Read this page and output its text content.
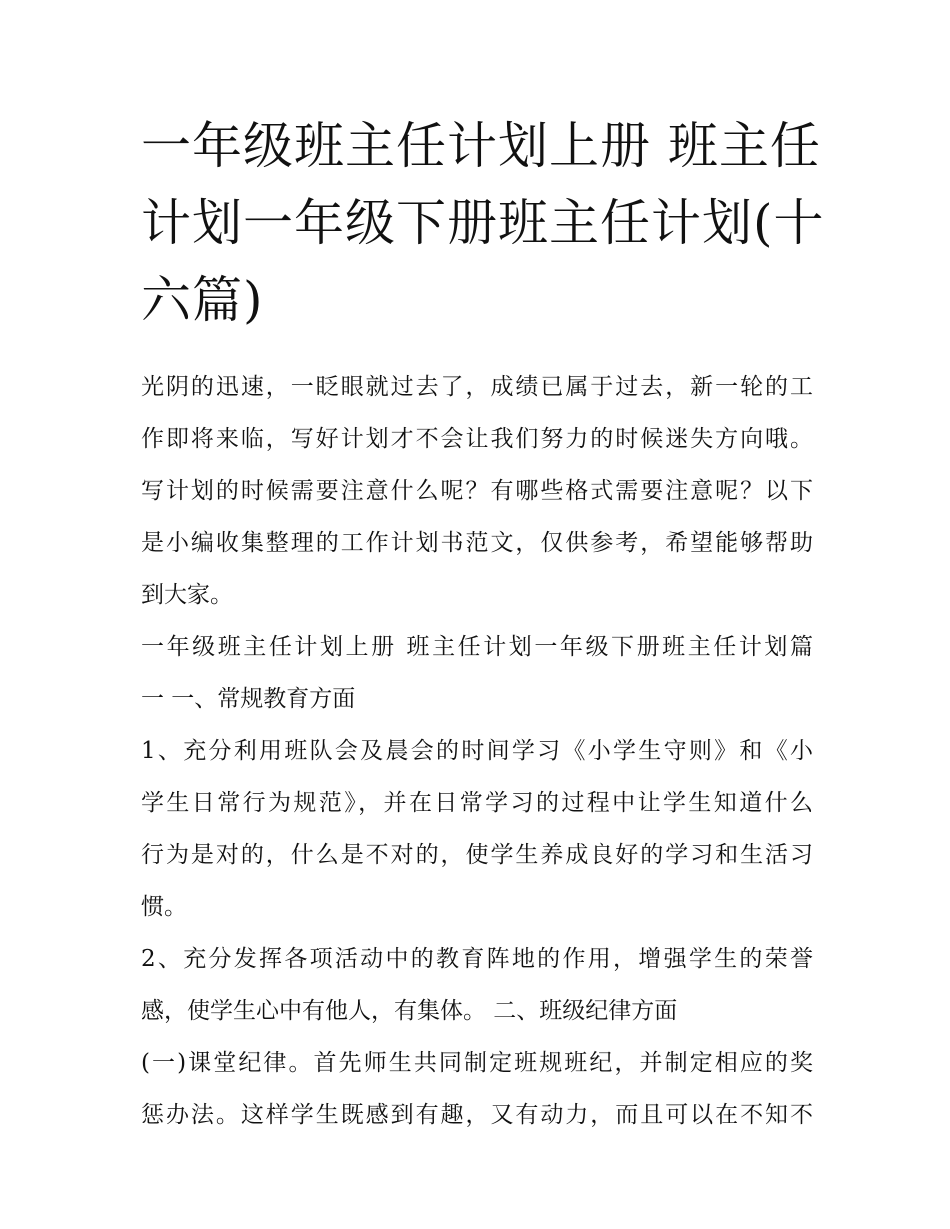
一年级班主任计划上册 班主任
计划一年级下册班主任计划(十
六篇)
光阴的迅速，一眨眼就过去了，成绩已属于过去，新一轮的工
作即将来临，写好计划才不会让我们努力的时候迷失方向哦。
写计划的时候需要注意什么呢？有哪些格式需要注意呢？以下
是小编收集整理的工作计划书范文，仅供参考，希望能够帮助
到大家。
一年级班主任计划上册 班主任计划一年级下册班主任计划篇
一 一、常规教育方面
1、充分利用班队会及晨会的时间学习《小学生守则》和《小
学生日常行为规范》，并在日常学习的过程中让学生知道什么
行为是对的，什么是不对的，使学生养成良好的学习和生活习
惯。
2、充分发挥各项活动中的教育阵地的作用，增强学生的荣誉
感，使学生心中有他人，有集体。 二、班级纪律方面
(一)课堂纪律。首先师生共同制定班规班纪，并制定相应的奖
惩办法。这样学生既感到有趣，又有动力，而且可以在不知不
